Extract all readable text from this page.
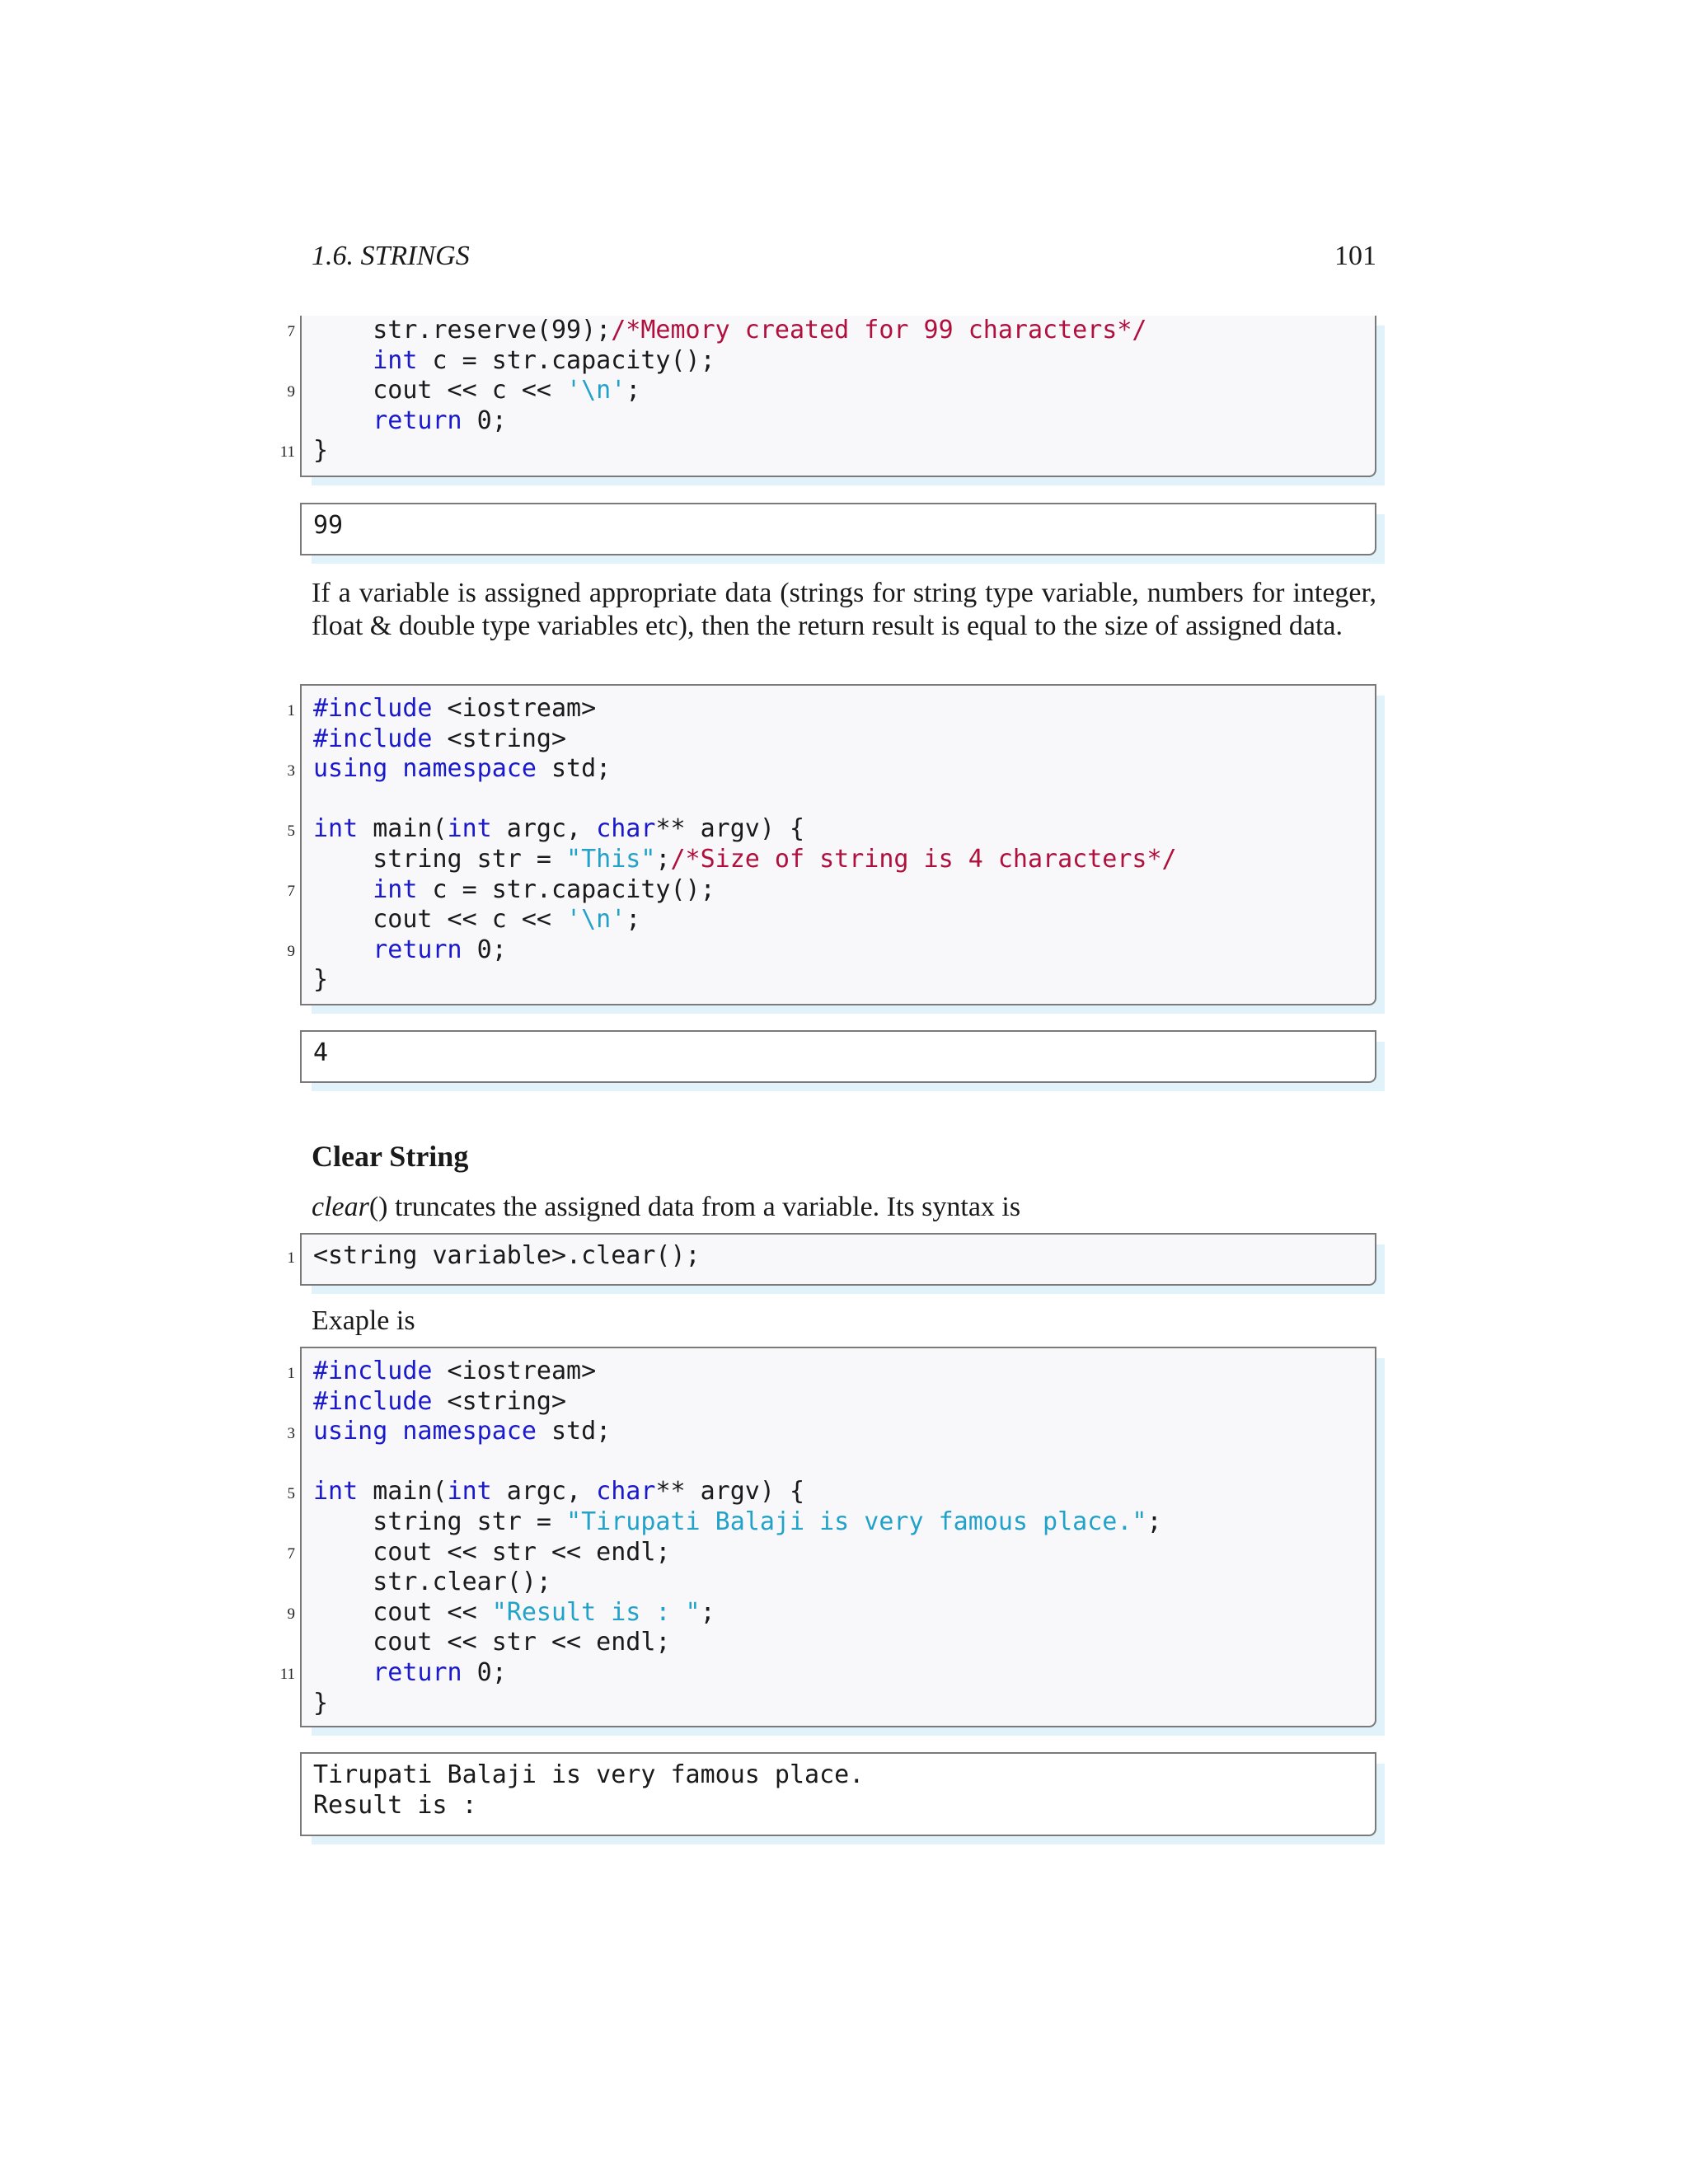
1.6. STRINGS	101
7
9
11
str.reserve(99);/*Memory created for 99 characters*/
int c = str.capacity();
cout << c << '\n';
return 0;
}
99
If a variable is assigned appropriate data (strings for string type variable, numbers for integer, float & double type variables etc), then the return result is equal to the size of assigned data.
1
3
5
7
9
#include <iostream>
#include <string>
using namespace std;

int main(int argc, char** argv) {
string str = "This";/*Size of string is 4 characters*/
int c = str.capacity();
cout << c << '\n';
return 0;
}
4
Clear String
clear() truncates the assigned data from a variable. Its syntax is
1 <string variable>.clear();
Exaple is
1
3
5
7
9
11
#include <iostream>
#include <string>
using namespace std;

int main(int argc, char** argv) {
string str = "Tirupati Balaji is very famous place.";
cout << str << endl;
str.clear();
cout << "Result is : ";
cout << str << endl;
return 0;
}
Tirupati Balaji is very famous place.
Result is :
